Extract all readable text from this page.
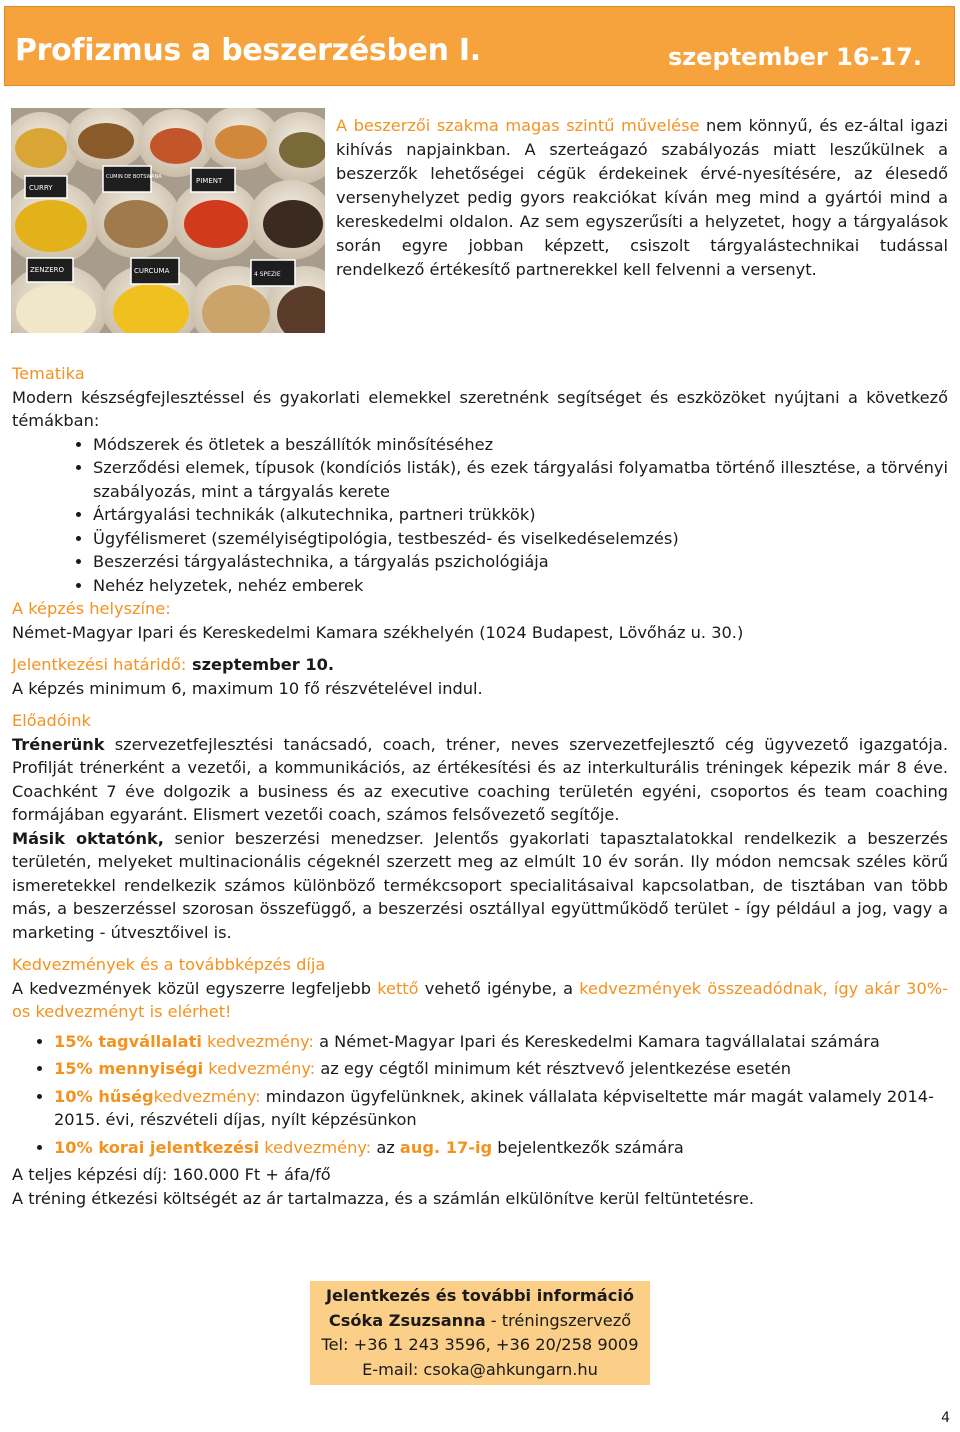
Profizmus a beszerzésben I.	szeptember 16-17.
CURRY
CUMIN DE BOTSWANA	PIMENT
ZENZERO	CURCUMA	4 SPEZIE

A beszerzői szakma magas szintű művelése nem könnyű, és ez-által igazi kihívás napjainkban. A szerteágazó szabályozás miatt leszűkülnek a beszerzők lehetőségei cégük érdekeinek érvé-nyesítésére, az élesedő versenyhelyzet pedig gyors reakciókat kíván meg mind a gyártói mind a kereskedelmi oldalon. Az sem egyszerűsíti a helyzetet, hogy a tárgyalások során egyre jobban képzett, csiszolt tárgyalástechnikai tudással rendelkező értékesítő partnerekkel kell felvenni a versenyt.

Tematika

Modern készségfejlesztéssel és gyakorlati elemekkel szeretnénk segítséget és eszközöket nyújtani a következő témákban:

• Módszerek és ötletek a beszállítók minősítéséhez
• Szerződési elemek, típusok (kondíciós listák), és ezek tárgyalási folyamatba történő illesztése, a törvényi szabályozás, mint a tárgyalás kerete
• Ártárgyalási technikák (alkutechnika, partneri trükkök)
• Ügyfélismeret (személyiségtipológia, testbeszéd- és viselkedéselemzés)
• Beszerzési tárgyalástechnika, a tárgyalás pszichológiája
• Nehéz helyzetek, nehéz emberek

A képzés helyszíne:

Német-Magyar Ipari és Kereskedelmi Kamara székhelyén (1024 Budapest, Lövőház u. 30.)

Jelentkezési határidő: szeptember 10.

A képzés minimum 6, maximum 10 fő részvételével indul.

Előadóink

Trénerünk szervezetfejlesztési tanácsadó, coach, tréner, neves szervezetfejlesztő cég ügyvezető igazgatója. Profilját trénerként a vezetői, a kommunikációs, az értékesítési és az interkulturális tréningek képezik már 8 éve. Coachként 7 éve dolgozik a business és az executive coaching területén egyéni, csoportos és team coaching formájában egyaránt. Elismert vezetői coach, számos felsővezető segítője.

Másik oktatónk, senior beszerzési menedzser. Jelentős gyakorlati tapasztalatokkal rendelkezik a beszerzés területén, melyeket multinacionális cégeknél szerzett meg az elmúlt 10 év során. Ily módon nemcsak széles körű ismeretekkel rendelkezik számos különböző termékcsoport specialitásaival kapcsolatban, de tisztában van több más, a beszerzéssel szorosan összefüggő, a beszerzési osztállyal együttműködő terület - így például a jog, vagy a marketing - útvesztőivel is.

Kedvezmények és a továbbképzés díja

A kedvezmények közül egyszerre legfeljebb kettő vehető igénybe, a kedvezmények összeadódnak, így akár 30%-os kedvezményt is elérhet!

• 15% tagvállalati kedvezmény: a Német-Magyar Ipari és Kereskedelmi Kamara tagvállalatai számára
• 15% mennyiségi kedvezmény: az egy cégtől minimum két résztvevő jelentkezése esetén
• 10% hűségkedvezmény: mindazon ügyfelünknek, akinek vállalata képviseltette már magát valamely 2014-2015. évi, részvételi díjas, nyílt képzésünkon
• 10% korai jelentkezési kedvezmény: az aug. 17-ig bejelentkezők számára

A teljes képzési díj: 160.000 Ft + áfa/fő

A tréning étkezési költségét az ár tartalmazza, és a számlán elkülönítve kerül feltüntetésre.

Jelentkezés és további információ
Csóka Zsuzsanna - tréningszervező
Tel: +36 1 243 3596, +36 20/258 9009
E-mail: csoka@ahkungarn.hu
4
